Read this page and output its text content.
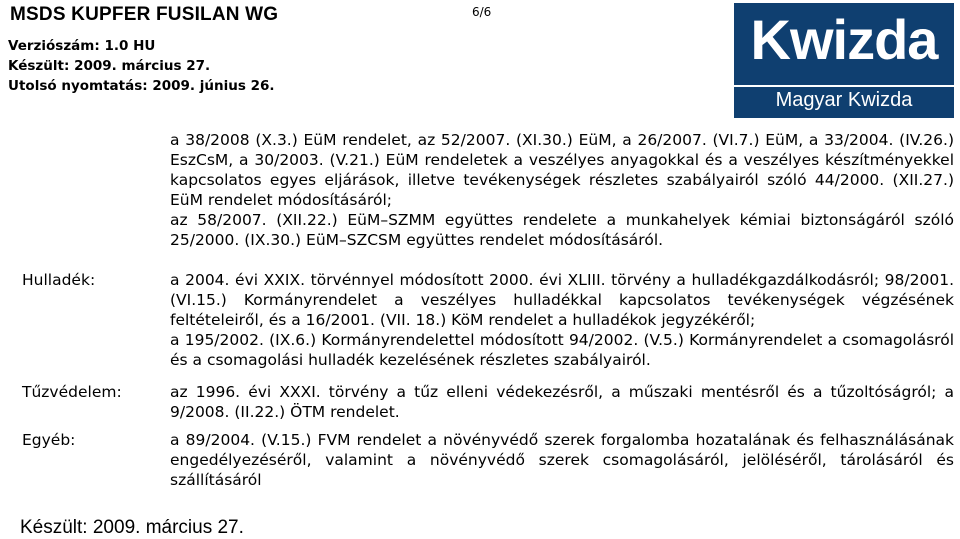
MSDS KUPFER FUSILAN WG	6/6
Verziószám: 1.0 HU
Készült: 2009. március 27.
Utolsó nyomtatás: 2009. június 26.
Kwizda
Magyar Kwizda

a 38/2008 (X.3.) EüM rendelet, az 52/2007. (XI.30.) EüM, a 26/2007. (VI.7.) EüM, a 33/2004. (IV.26.) EszCsM, a 30/2003. (V.21.) EüM rendeletek a veszélyes anyagokkal és a veszélyes készítményekkel kapcsolatos egyes eljárások, illetve tevékenységek részletes szabályairól szóló 44/2000. (XII.27.) EüM rendelet módosításáról;

az 58/2007. (XII.22.) EüM–SZMM együttes rendelete a munkahelyek kémiai biztonságáról szóló 25/2000. (IX.30.) EüM–SZCSM együttes rendelet módosításáról.

Hulladék:	a 2004. évi XXIX. törvénnyel módosított 2000. évi XLIII. törvény a hulladékgazdálkodásról; 98/2001.(VI.15.) Kormányrendelet a veszélyes hulladékkal kapcsolatos tevékenységek végzésének feltételeiről, és a 16/2001. (VII. 18.) KöM rendelet a hulladékok jegyzékéről;

a 195/2002. (IX.6.) Kormányrendelettel módosított 94/2002. (V.5.) Kormányrendelet a csomagolásról és a csomagolási hulladék kezelésének részletes szabályairól.

Tűzvédelem:	az 1996. évi XXXI. törvény a tűz elleni védekezésről, a műszaki mentésről és a tűzoltóságról; a 9/2008. (II.22.) ÖTM rendelet.

Egyéb:	a 89/2004. (V.15.) FVM rendelet a növényvédő szerek forgalomba hozatalának és felhasználásának engedélyezéséről, valamint a növényvédő szerek csomagolásáról, jelöléséről, tárolásáról és szállításáról

Készült: 2009. március 27.
